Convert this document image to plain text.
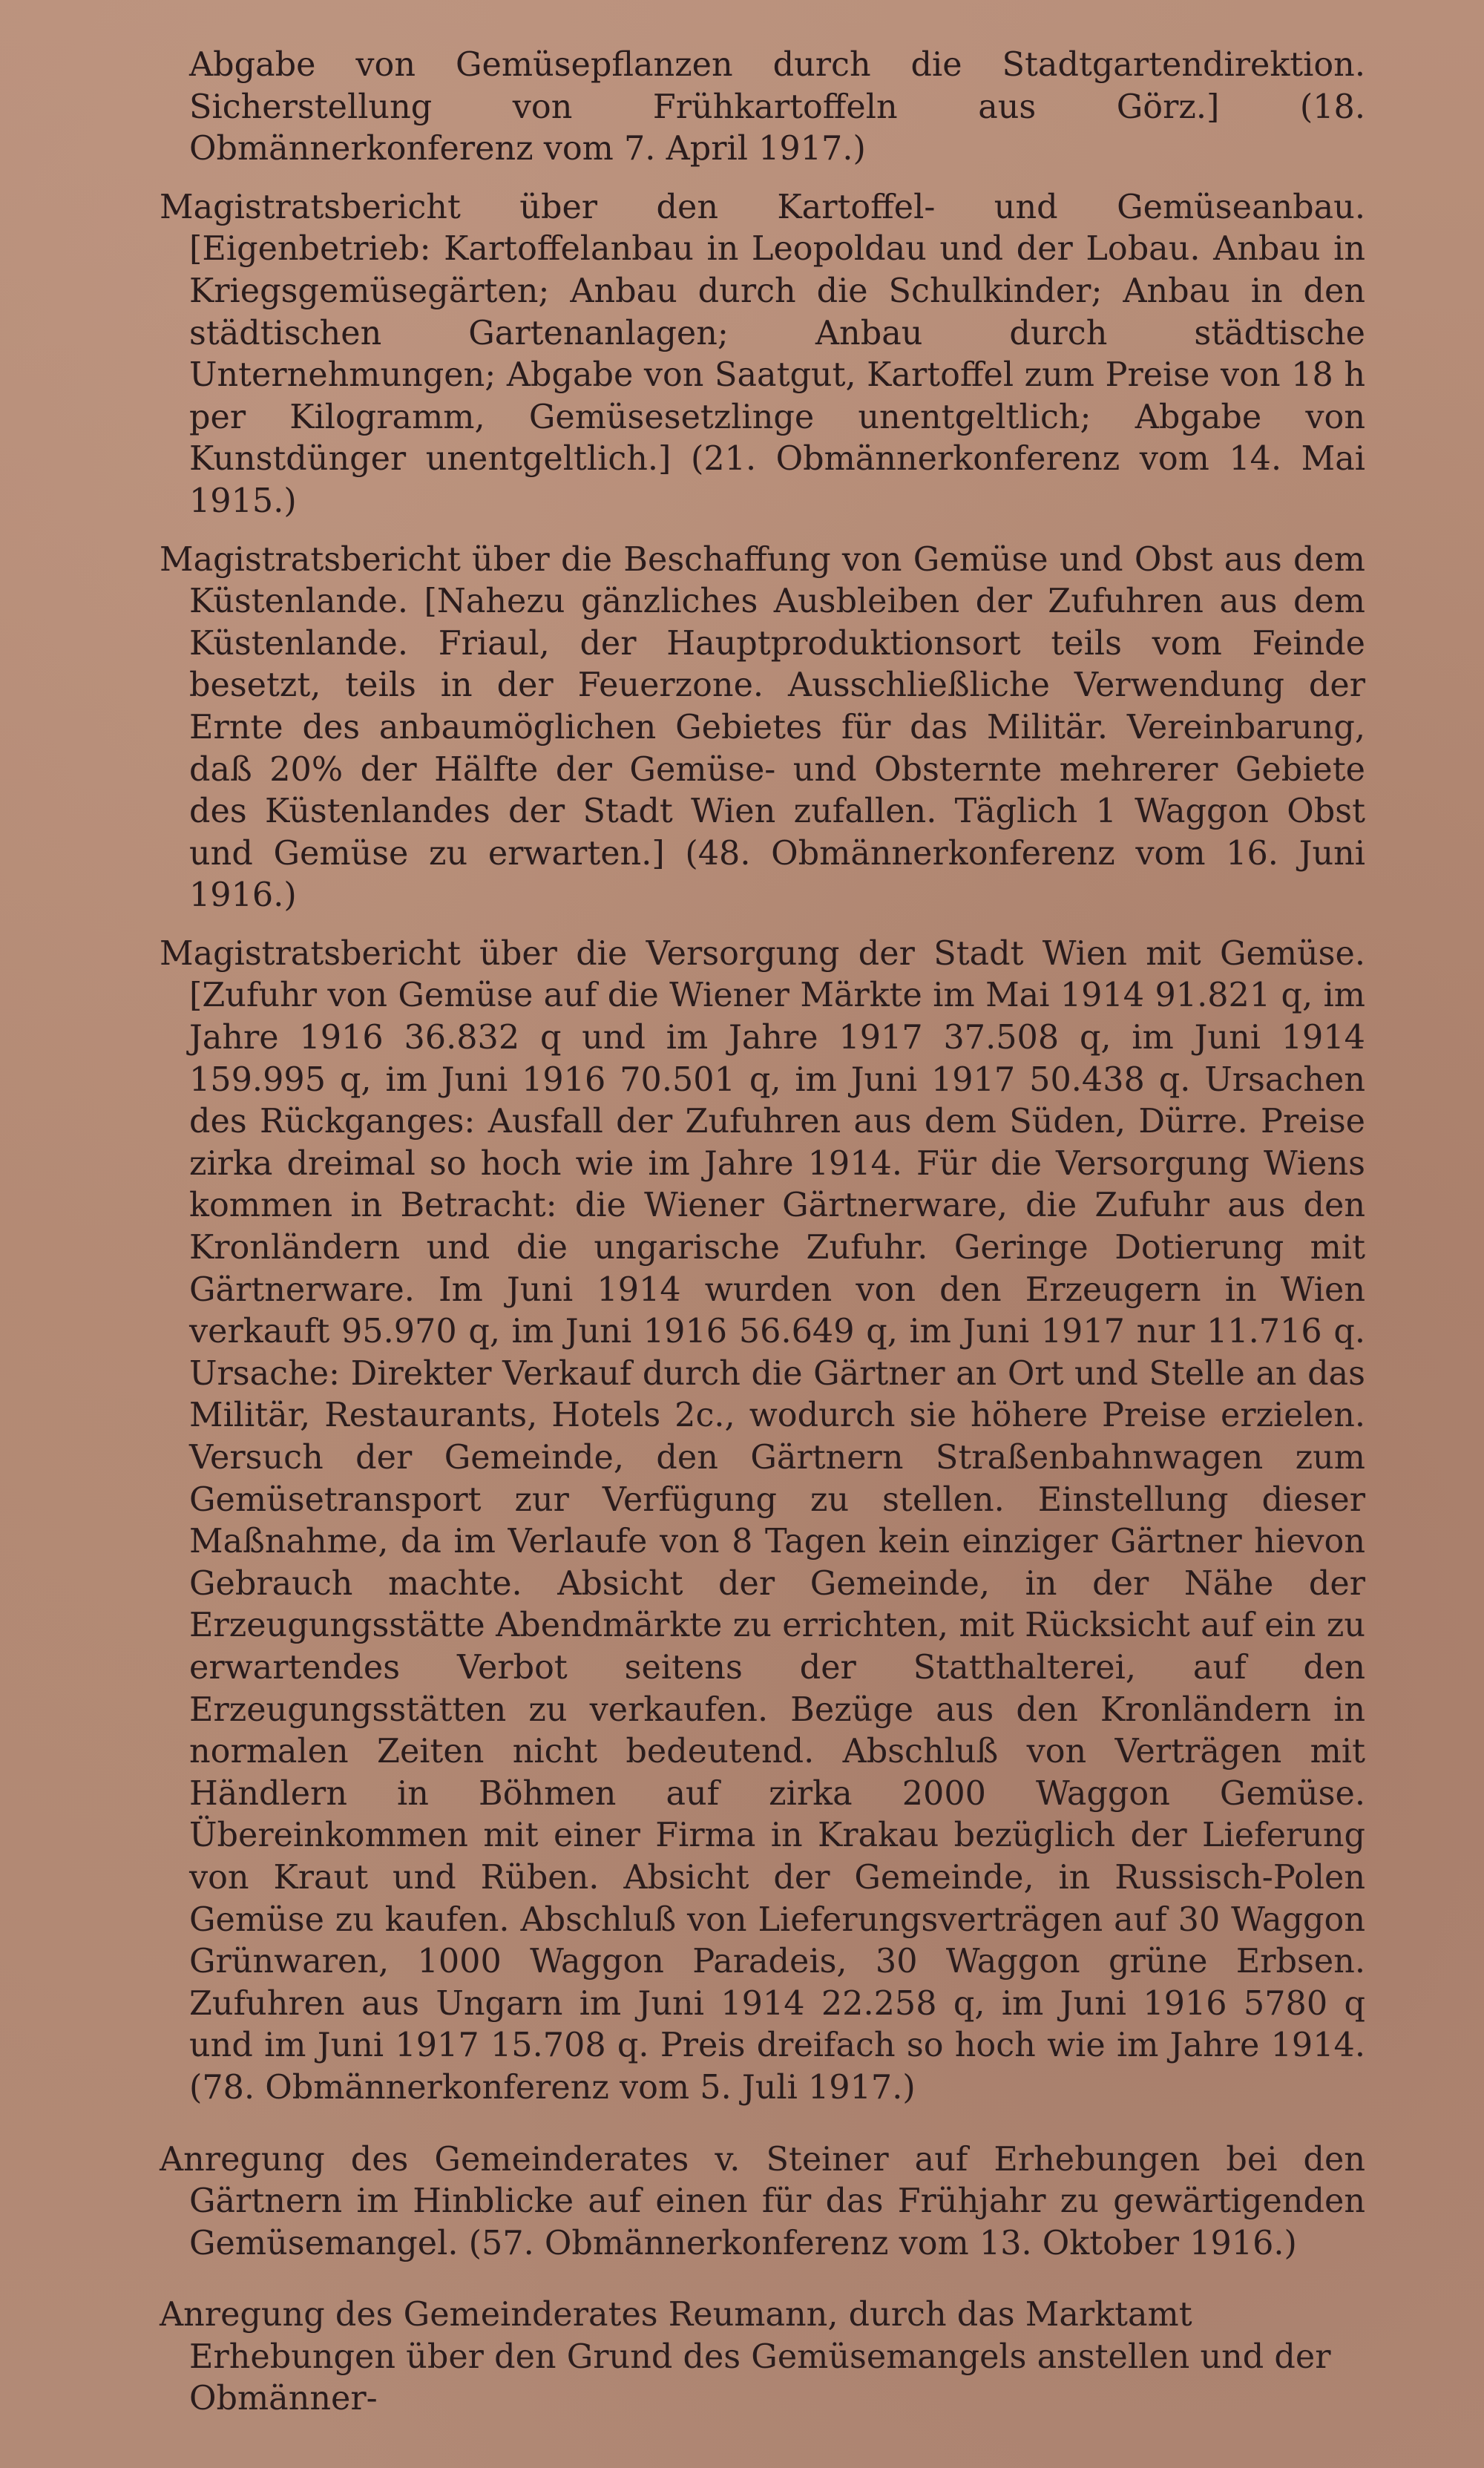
Abgabe von Gemüsepflanzen durch die Stadtgartendirektion. Sicherstellung von Frühkartoffeln aus Görz.] (18. Obmännerkonferenz vom 7. April 1917.)

Magistratsbericht über den Kartoffel- und Gemüseanbau. [Eigenbetrieb: Kartoffelanbau in Leopoldau und der Lobau. Anbau in Kriegsgemüsegärten; Anbau durch die Schulkinder; Anbau in den städtischen Gartenanlagen; Anbau durch städtische Unternehmungen; Abgabe von Saatgut, Kartoffel zum Preise von 18 h per Kilogramm, Gemüsesetzlinge unentgeltlich; Abgabe von Kunstdünger unentgeltlich.] (21. Obmännerkonferenz vom 14. Mai 1915.)

Magistratsbericht über die Beschaffung von Gemüse und Obst aus dem Küstenlande. [Nahezu gänzliches Ausbleiben der Zufuhren aus dem Küstenlande. Friaul, der Hauptproduktionsort teils vom Feinde besetzt, teils in der Feuerzone. Ausschließliche Verwendung der Ernte des anbaumöglichen Gebietes für das Militär. Vereinbarung, daß 20% der Hälfte der Gemüse- und Obsternte mehrerer Gebiete des Küstenlandes der Stadt Wien zufallen. Täglich 1 Waggon Obst und Gemüse zu erwarten.] (48. Obmännerkonferenz vom 16. Juni 1916.)

Magistratsbericht über die Versorgung der Stadt Wien mit Gemüse. [Zufuhr von Gemüse auf die Wiener Märkte im Mai 1914 91.821 q, im Jahre 1916 36.832 q und im Jahre 1917 37.508 q, im Juni 1914 159.995 q, im Juni 1916 70.501 q, im Juni 1917 50.438 q. Ursachen des Rückganges: Ausfall der Zufuhren aus dem Süden, Dürre. Preise zirka dreimal so hoch wie im Jahre 1914. Für die Versorgung Wiens kommen in Betracht: die Wiener Gärtnerware, die Zufuhr aus den Kronländern und die ungarische Zufuhr. Geringe Dotierung mit Gärtnerware. Im Juni 1914 wurden von den Erzeugern in Wien verkauft 95.970 q, im Juni 1916 56.649 q, im Juni 1917 nur 11.716 q. Ursache: Direkter Verkauf durch die Gärtner an Ort und Stelle an das Militär, Restaurants, Hotels 2c., wodurch sie höhere Preise erzielen. Versuch der Gemeinde, den Gärtnern Straßenbahnwagen zum Gemüsetransport zur Verfügung zu stellen. Einstellung dieser Maßnahme, da im Verlaufe von 8 Tagen kein einziger Gärtner hievon Gebrauch machte. Absicht der Gemeinde, in der Nähe der Erzeugungsstätte Abendmärkte zu errichten, mit Rücksicht auf ein zu erwartendes Verbot seitens der Statthalterei, auf den Erzeugungsstätten zu verkaufen. Bezüge aus den Kronländern in normalen Zeiten nicht bedeutend. Abschluß von Verträgen mit Händlern in Böhmen auf zirka 2000 Waggon Gemüse. Übereinkommen mit einer Firma in Krakau bezüglich der Lieferung von Kraut und Rüben. Absicht der Gemeinde, in Russisch-Polen Gemüse zu kaufen. Abschluß von Lieferungsverträgen auf 30 Waggon Grünwaren, 1000 Waggon Paradeis, 30 Waggon grüne Erbsen. Zufuhren aus Ungarn im Juni 1914 22.258 q, im Juni 1916 5780 q und im Juni 1917 15.708 q. Preis dreifach so hoch wie im Jahre 1914. (78. Obmännerkonferenz vom 5. Juli 1917.)

Anregung des Gemeinderates v. Steiner auf Erhebungen bei den Gärtnern im Hinblicke auf einen für das Frühjahr zu gewärtigenden Gemüsemangel. (57. Obmännerkonferenz vom 13. Oktober 1916.)

Anregung des Gemeinderates Reumann, durch das Marktamt Erhebungen über den Grund des Gemüsemangels anstellen und der Obmänner-
